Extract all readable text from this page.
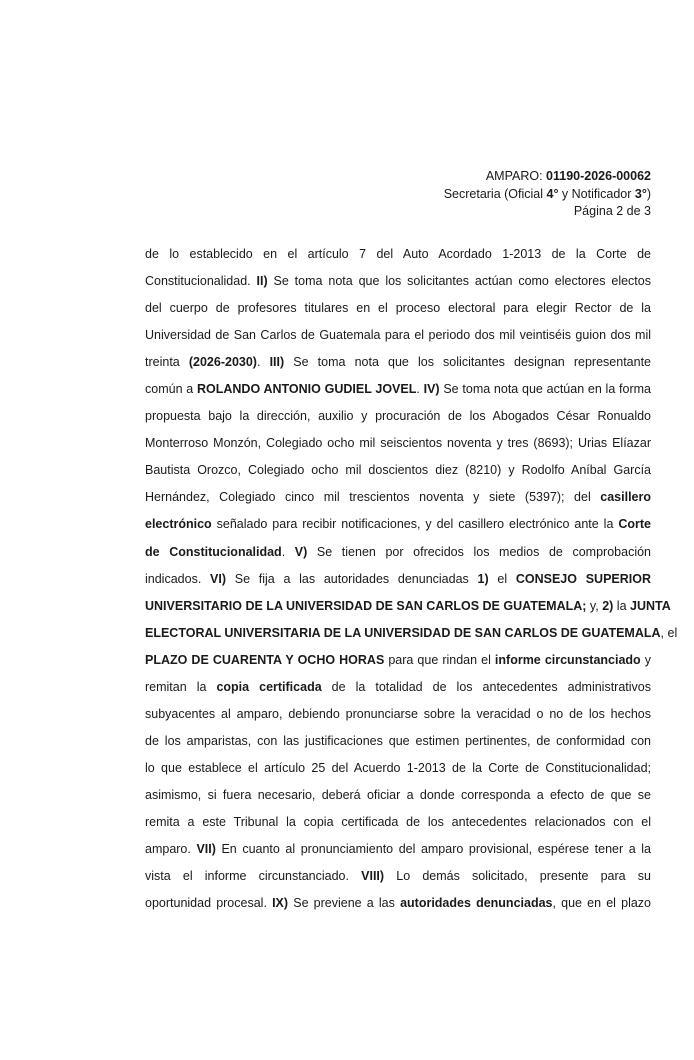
AMPARO: 01190-2026-00062
Secretaria (Oficial 4° y Notificador 3°)
Página 2 de 3
de lo establecido en el artículo 7 del Auto Acordado 1-2013 de la Corte de
Constitucionalidad. II) Se toma nota que los solicitantes actúan como electores electos
del cuerpo de profesores titulares en el proceso electoral para elegir Rector de la
Universidad de San Carlos de Guatemala para el periodo dos mil veintiséis guion dos mil
treinta (2026-2030). III) Se toma nota que los solicitantes designan representante
común a ROLANDO ANTONIO GUDIEL JOVEL. IV) Se toma nota que actúan en la forma
propuesta bajo la dirección, auxilio y procuración de los Abogados César Ronualdo
Monterroso Monzón, Colegiado ocho mil seiscientos noventa y tres (8693); Urias Elíazar
Bautista Orozco, Colegiado ocho mil doscientos diez (8210) y Rodolfo Aníbal García
Hernández, Colegiado cinco mil trescientos noventa y siete (5397); del casillero
electrónico señalado para recibir notificaciones, y del casillero electrónico ante la Corte
de Constitucionalidad. V) Se tienen por ofrecidos los medios de comprobación
indicados. VI) Se fija a las autoridades denunciadas 1) el CONSEJO SUPERIOR
UNIVERSITARIO DE LA UNIVERSIDAD DE SAN CARLOS DE GUATEMALA; y, 2) la JUNTA
ELECTORAL UNIVERSITARIA DE LA UNIVERSIDAD DE SAN CARLOS DE GUATEMALA, el
PLAZO DE CUARENTA Y OCHO HORAS para que rindan el informe circunstanciado y
remitan la copia certificada de la totalidad de los antecedentes administrativos
subyacentes al amparo, debiendo pronunciarse sobre la veracidad o no de los hechos
de los amparistas, con las justificaciones que estimen pertinentes, de conformidad con
lo que establece el artículo 25 del Acuerdo 1-2013 de la Corte de Constitucionalidad;
asimismo, si fuera necesario, deberá oficiar a donde corresponda a efecto de que se
remita a este Tribunal la copia certificada de los antecedentes relacionados con el
amparo. VII) En cuanto al pronunciamiento del amparo provisional, espérese tener a la
vista el informe circunstanciado. VIII) Lo demás solicitado, presente para su
oportunidad procesal. IX) Se previene a las autoridades denunciadas, que en el plazo
